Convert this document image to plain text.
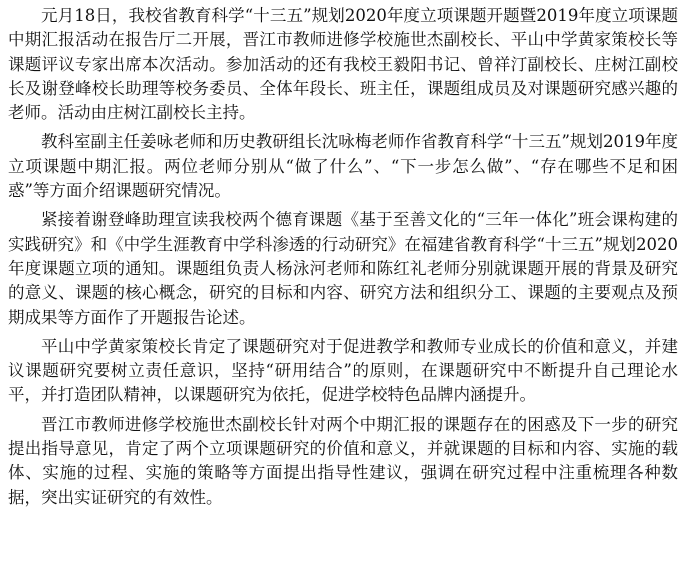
元月18日，我校省教育科学“十三五”规划2020年度立项课题开题暨2019年度立项课题中期汇报活动在报告厅二开展，晋江市教师进修学校施世杰副校长、平山中学黄家策校长等课题评议专家出席本次活动。参加活动的还有我校王毅阳书记、曾祥汀副校长、庄树江副校长及谢登峰校长助理等校务委员、全体年段长、班主任，课题组成员及对课题研究感兴趣的老师。活动由庄树江副校长主持。

教科室副主任姜咏老师和历史教研组长沈咏梅老师作省教育科学“十三五”规划2019年度立项课题中期汇报。两位老师分别从“做了什么”、“下一步怎么做”、“存在哪些不足和困惑”等方面介绍课题研究情况。

紧接着谢登峰助理宣读我校两个德育课题《基于至善文化的“三年一体化”班会课构建的实践研究》和《中学生涯教育中学科渗透的行动研究》在福建省教育科学“十三五”规划2020年度课题立项的通知。课题组负责人杨泳河老师和陈红礼老师分别就课题开展的背景及研究的意义、课题的核心概念，研究的目标和内容、研究方法和组织分工、课题的主要观点及预期成果等方面作了开题报告论述。

平山中学黄家策校长肯定了课题研究对于促进教学和教师专业成长的价值和意义，并建议课题研究要树立责任意识，坚持“研用结合”的原则，在课题研究中不断提升自己理论水平，并打造团队精神，以课题研究为依托，促进学校特色品牌内涵提升。

晋江市教师进修学校施世杰副校长针对两个中期汇报的课题存在的困惑及下一步的研究提出指导意见，肯定了两个立项课题研究的价值和意义，并就课题的目标和内容、实施的载体、实施的过程、实施的策略等方面提出指导性建议，强调在研究过程中注重梳理各种数据，突出实证研究的有效性。
